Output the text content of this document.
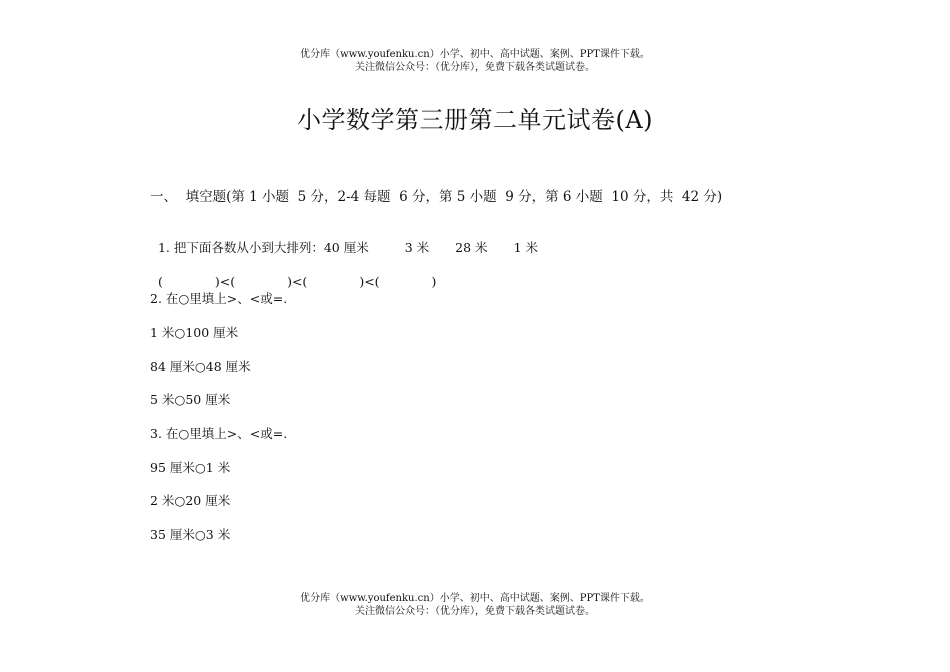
优分库（www.youfenku.cn）小学、初中、高中试题、案例、PPT课件下载。
关注微信公众号：（优分库），免费下载各类试题试卷。
小学数学第三册第二单元试卷(A)
一、  填空题(第 1 小题  5 分，2-4 每题  6 分，第 5 小题  9 分，第 6 小题  10 分，共  42 分)

1. 把下面各数从小到大排列：40 厘米	3 米 28 米 1 米

(	)<(	)<(	)<(	)

2. 在○里填上>、<或=.
1 米○100 厘米
84 厘米○48 厘米
5 米○50 厘米
3. 在○里填上>、<或=.
95 厘米○1 米
2 米○20 厘米
35 厘米○3 米
优分库（www.youfenku.cn）小学、初中、高中试题、案例、PPT课件下载。
关注微信公众号：（优分库），免费下载各类试题试卷。
